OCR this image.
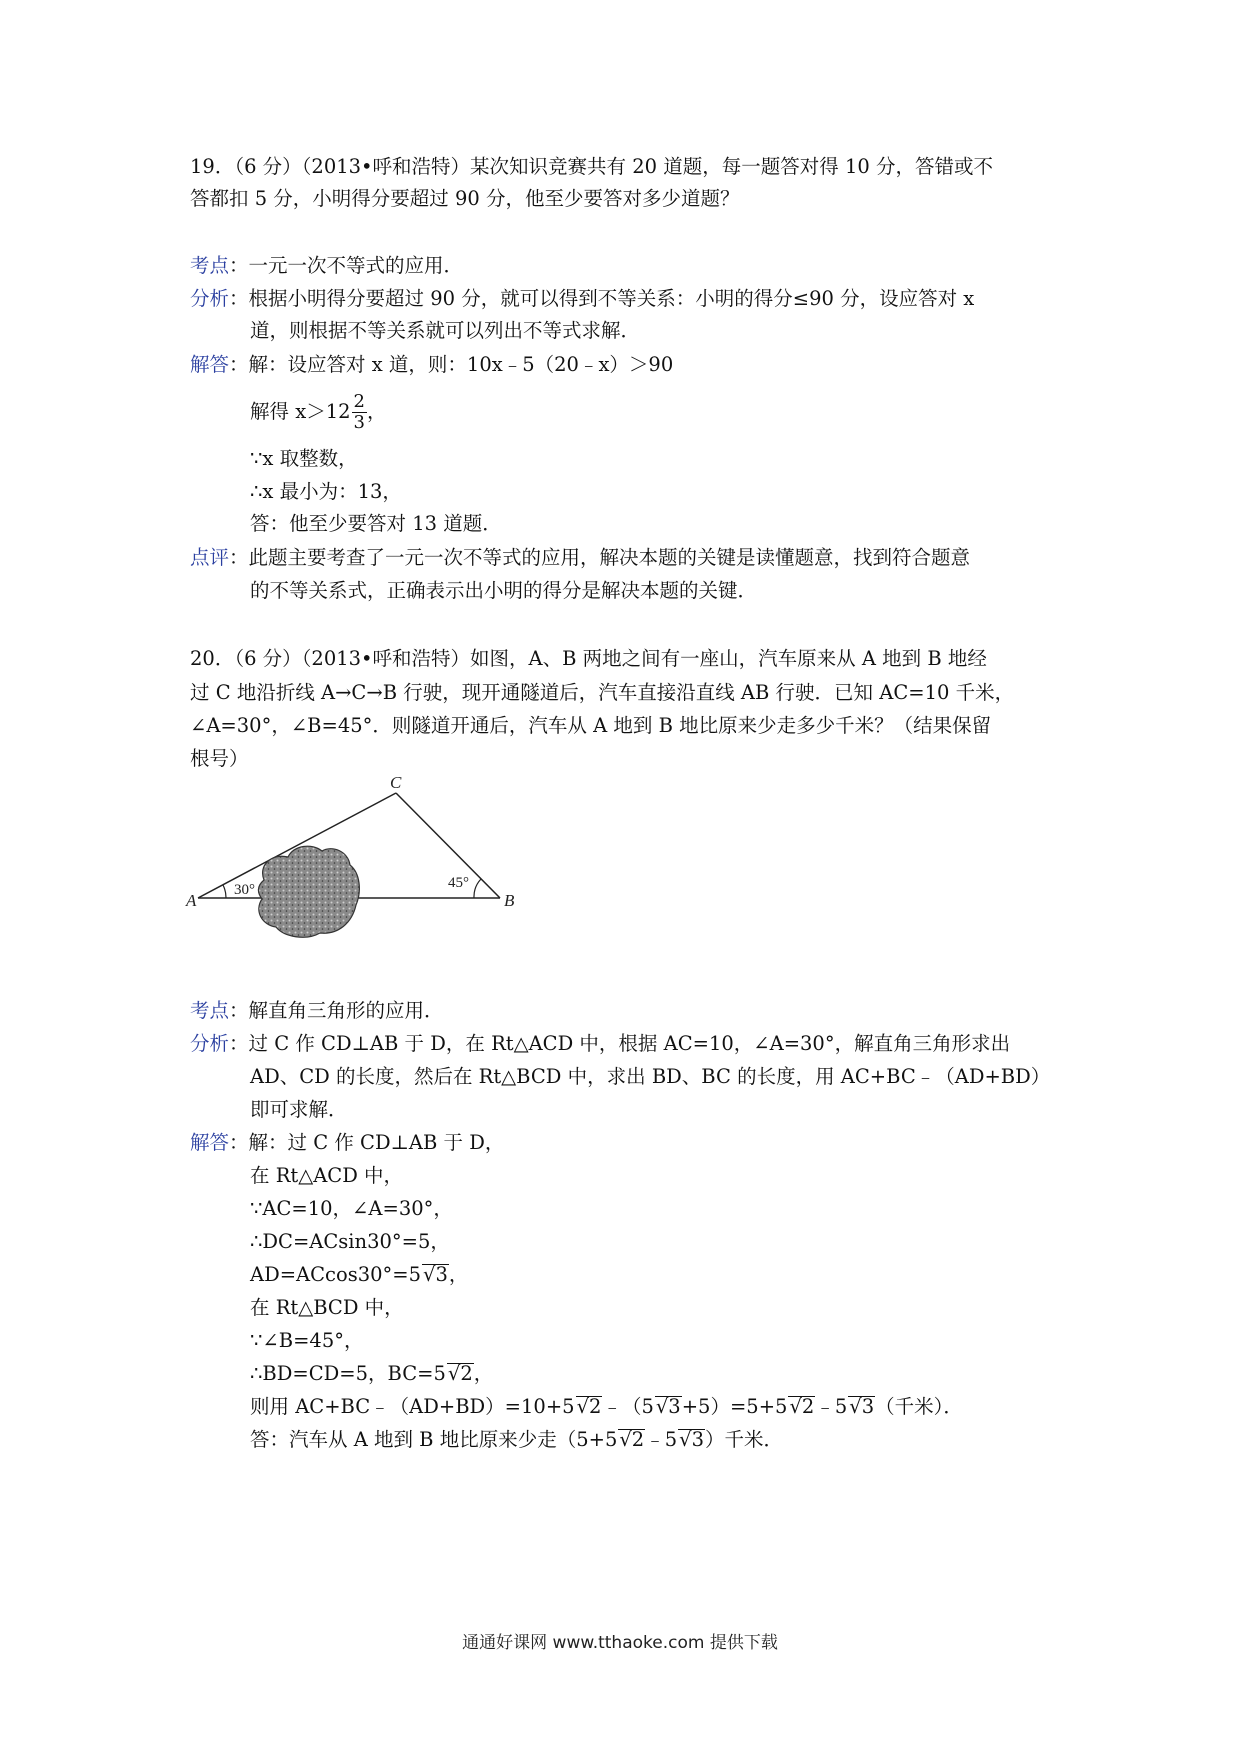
19．（6 分）（2013•呼和浩特）某次知识竞赛共有 20 道题，每一题答对得 10 分，答错或不
答都扣 5 分，小明得分要超过 90 分，他至少要答对多少道题？
考点：一元一次不等式的应用．
分析：根据小明得分要超过 90 分，就可以得到不等关系：小明的得分≤90 分，设应答对 x
道，则根据不等关系就可以列出不等式求解．
解答：解：设应答对 x 道，则：10x﹣5（20﹣x）＞90
解得 $x>12 \frac{2}{3}$ ，
∵x 取整数，
∴x 最小为：13，
答：他至少要答对 13 道题．
点评：此题主要考查了一元一次不等式的应用，解决本题的关键是读懂题意，找到符合题意
的不等关系式，正确表示出小明的得分是解决本题的关键．
20．（6 分）（2013•呼和浩特）如图，A、B 两地之间有一座山，汽车原来从 A 地到 B 地经
过 C 地沿折线 A→C→B 行驶，现开通隧道后，汽车直接沿直线 AB 行驶．已知 AC=10 千米，
∠A=30°，∠B=45°．则隧道开通后，汽车从 A 地到 B 地比原来少走多少千米？（结果保留
根号）
A	B
C
30°	45°
考点：解直角三角形的应用．
分析：过 C 作 CD⊥AB 于 D，在 Rt△ACD 中，根据 AC=10，∠A=30°，解直角三角形求出
AD、CD 的长度，然后在 Rt△BCD 中，求出 BD、BC 的长度，用 AC+BC﹣（AD+BD）
即可求解．
解答：解：过 C 作 CD⊥AB 于 D，
在 Rt△ACD 中，
∵AC=10，∠A=30°，
∴DC=ACsin30°=5，
AD=ACcos30°=5 √3，
在 Rt△BCD 中，
∵∠B=45°，
∴BD=CD=5，BC=5 √2，
则用 AC+BC﹣（AD+BD）=10+5 √2﹣（5 √3+5）=5+5 √2﹣5 √3（千米）．
答：汽车从 A 地到 B 地比原来少走（5+5 √2﹣5 √3）千米．
通通好课网 www.tthaoke.com 提供下载
